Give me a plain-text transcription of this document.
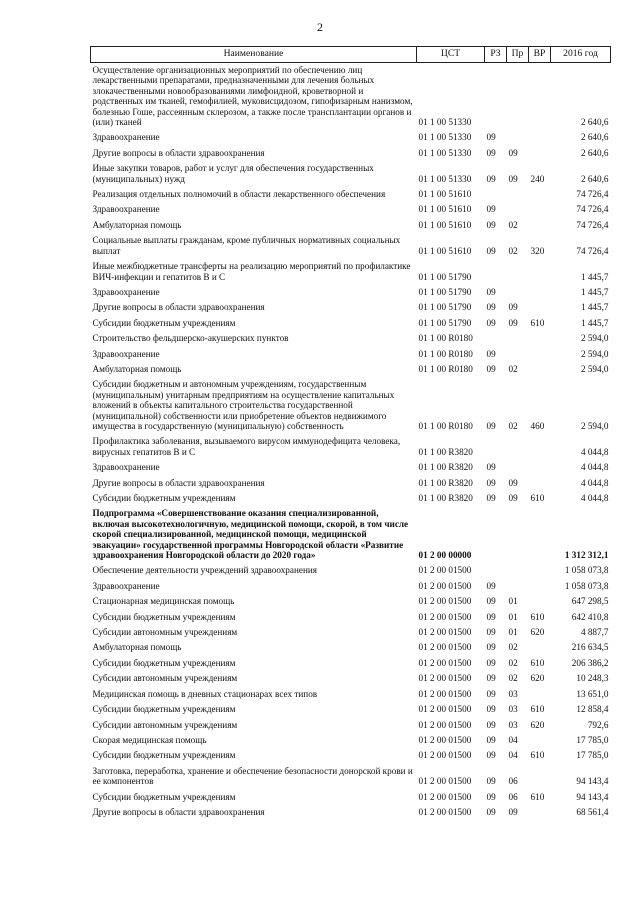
2
Наименование	ЦСТ	РЗ	Пр	ВР	2016 год
Осуществление организационных мероприятий по обеспечению лиц лекарственными препаратами, предназначенными для лечения больных злокачественными новообразованиями лимфоидной, кроветворной и родственных им тканей, гемофилией, муковисцидозом, гипофизарным нанизмом, болезнью Гоше, рассеянным склерозом, а также после трансплантации органов и (или) тканей	01 1 00 51330				2 640,6
Здравоохранение	01 1 00 51330	09			2 640,6
Другие вопросы в области здравоохранения	01 1 00 51330	09	09		2 640,6
Иные закупки товаров, работ и услуг для обеспечения государственных (муниципальных) нужд	01 1 00 51330	09	09	240	2 640,6
Реализация отдельных полномочий в области лекарственного обеспечения	01 1 00 51610				74 726,4
Здравоохранение	01 1 00 51610	09			74 726,4
Амбулаторная помощь	01 1 00 51610	09	02		74 726,4
Социальные выплаты гражданам, кроме публичных нормативных социальных выплат	01 1 00 51610	09	02	320	74 726,4
Иные межбюджетные трансферты на реализацию мероприятий по профилактике ВИЧ-инфекции и гепатитов В и С	01 1 00 51790				1 445,7
Здравоохранение	01 1 00 51790	09			1 445,7
Другие вопросы в области здравоохранения	01 1 00 51790	09	09		1 445,7
Субсидии бюджетным учреждениям	01 1 00 51790	09	09	610	1 445,7
Строительство фельдшерско-акушерских пунктов	01 1 00 R0180				2 594,0
Здравоохранение	01 1 00 R0180	09			2 594,0
Амбулаторная помощь	01 1 00 R0180	09	02		2 594,0
Субсидии бюджетным и автономным учреждениям, государственным (муниципальным) унитарным предприятиям на осуществление капитальных вложений в объекты капитального строительства государственной (муниципальной) собственности или приобретение объектов недвижимого имущества в государственную (муниципальную) собственность	01 1 00 R0180	09	02	460	2 594,0
Профилактика заболевания, вызываемого вирусом иммунодефицита человека, вирусных гепатитов В и С	01 1 00 R3820				4 044,8
Здравоохранение	01 1 00 R3820	09			4 044,8
Другие вопросы в области здравоохранения	01 1 00 R3820	09	09		4 044,8
Субсидии бюджетным учреждениям	01 1 00 R3820	09	09	610	4 044,8
Подпрограмма «Совершенствование оказания специализированной, включая высокотехнологичную, медицинской помощи, скорой, в том числе скорой специализированной, медицинской помощи, медицинской эвакуации» государственной программы Новгородской области «Развитие здравоохранения Новгородской области до 2020 года»	01 2 00 00000				1 312 312,1
Обеспечение деятельности учреждений здравоохранения	01 2 00 01500				1 058 073,8
Здравоохранение	01 2 00 01500	09			1 058 073,8
Стационарная медицинская помощь	01 2 00 01500	09	01		647 298,5
Субсидии бюджетным учреждениям	01 2 00 01500	09	01	610	642 410,8
Субсидии автономным учреждениям	01 2 00 01500	09	01	620	4 887,7
Амбулаторная помощь	01 2 00 01500	09	02		216 634,5
Субсидии бюджетным учреждениям	01 2 00 01500	09	02	610	206 386,2
Субсидии автономным учреждениям	01 2 00 01500	09	02	620	10 248,3
Медицинская помощь в дневных стационарах всех типов	01 2 00 01500	09	03		13 651,0
Субсидии бюджетным учреждениям	01 2 00 01500	09	03	610	12 858,4
Субсидии автономным учреждениям	01 2 00 01500	09	03	620	792,6
Скорая медицинская помощь	01 2 00 01500	09	04		17 785,0
Субсидии бюджетным учреждениям	01 2 00 01500	09	04	610	17 785,0
Заготовка, переработка, хранение и обеспечение безопасности донорской крови и ее компонентов	01 2 00 01500	09	06		94 143,4
Субсидии бюджетным учреждениям	01 2 00 01500	09	06	610	94 143,4
Другие вопросы в области здравоохранения	01 2 00 01500	09	09		68 561,4
